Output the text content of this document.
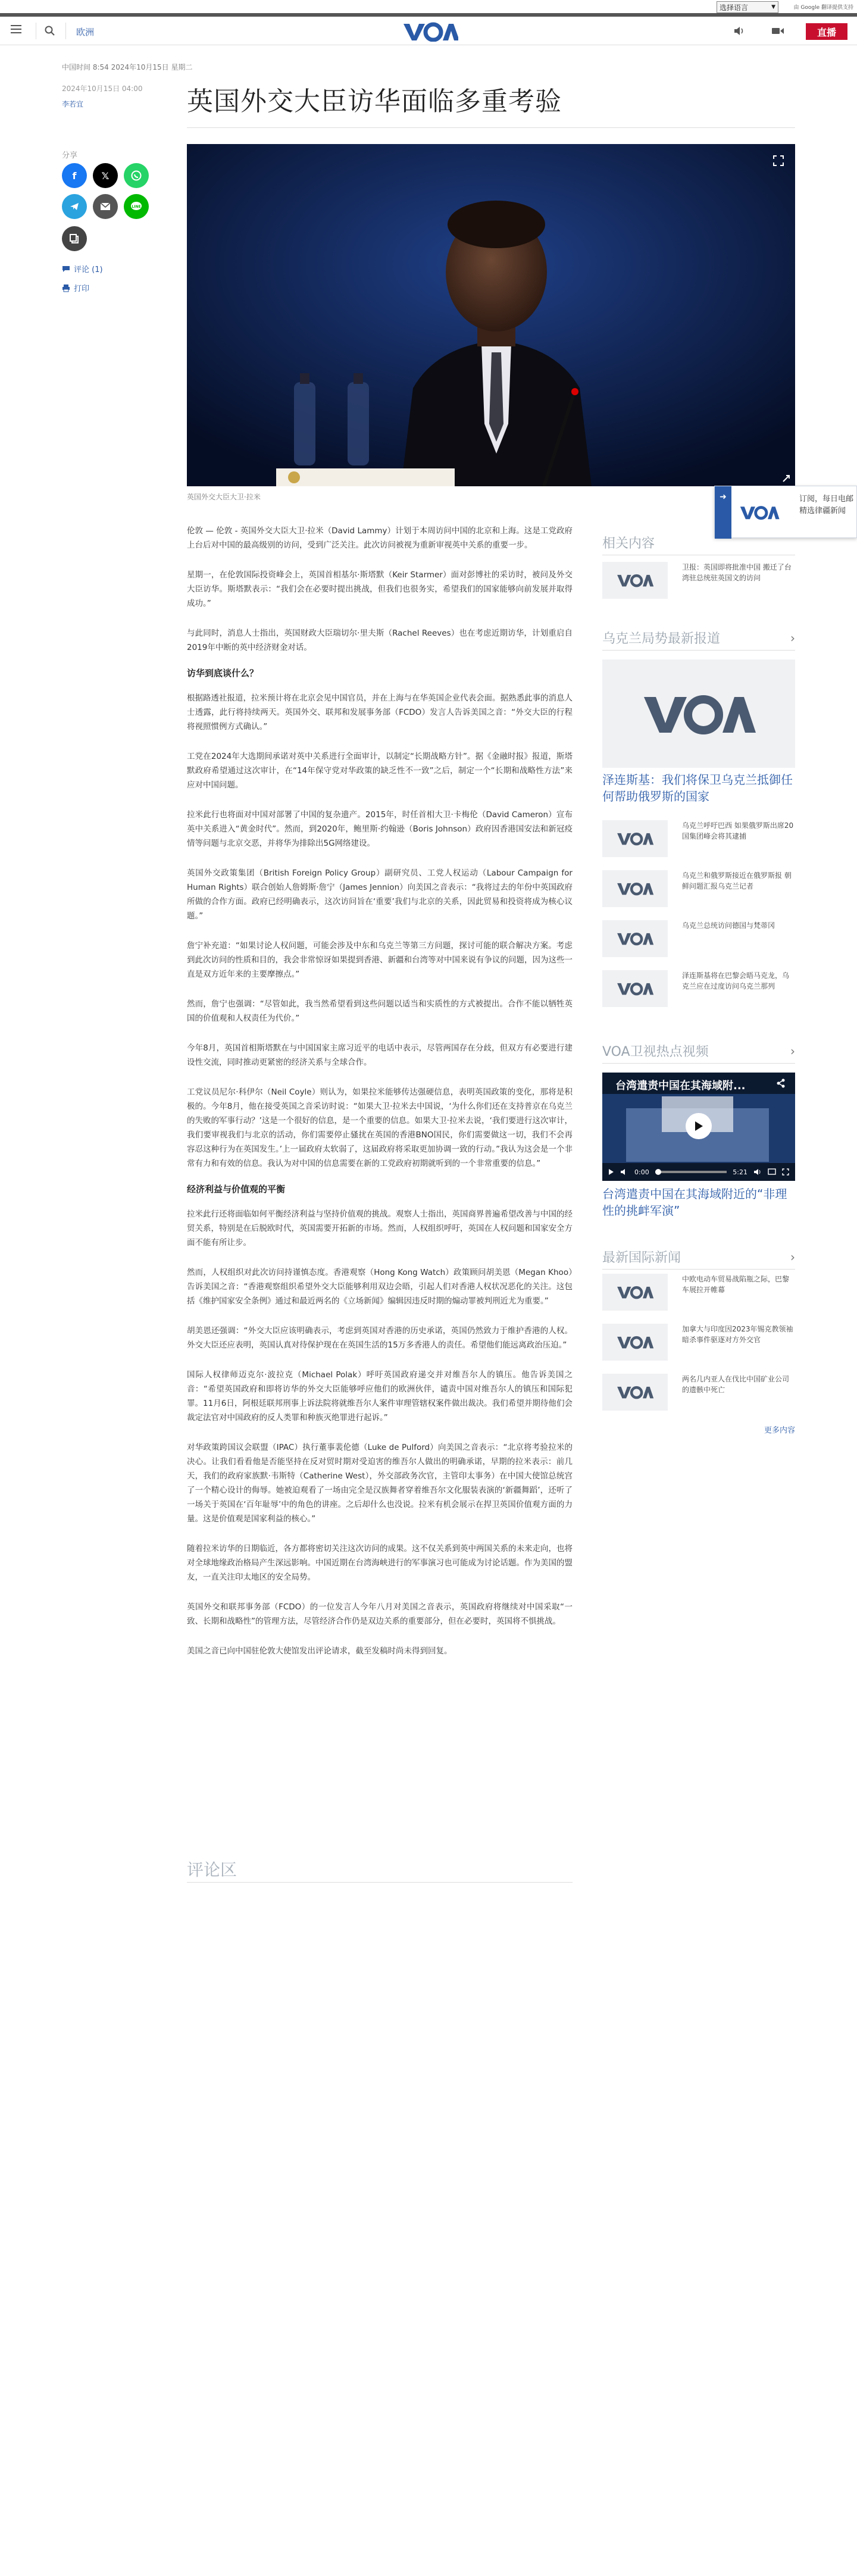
选择语言	▼	由 Google 翻译提供支持
欧洲	直播
中国时间 8:54 2024年10月15日 星期二
2024年10月15日 04:00
李若宜	英国外交大臣访华面临多重考验
分享
f	𝕏
LINE
评论 (1)
打印
英国外交大臣大卫·拉米

伦敦 — 伦敦 - 英国外交大臣大卫·拉米（David Lammy）计划于本周访问中国的北京和上海。这是工党政府上台后对中国的最高级别的访问，受到广泛关注。此次访问被视为重新审视英中关系的重要一步。

星期一，在伦敦国际投资峰会上，英国首相基尔·斯塔默（Keir Starmer）面对彭博社的采访时，被问及外交大臣访华。斯塔默表示：“我们会在必要时提出挑战，但我们也很务实，希望我们的国家能够向前发展并取得成功。”

与此同时，消息人士指出，英国财政大臣瑞切尔·里夫斯（Rachel Reeves）也在考虑近期访华，计划重启自2019年中断的英中经济财金对话。

访华到底谈什么？

根据路透社报道，拉米预计将在北京会见中国官员，并在上海与在华英国企业代表会面。据熟悉此事的消息人士透露，此行将持续两天。英国外交、联邦和发展事务部（FCDO）发言人告诉美国之音：“外交大臣的行程将视照惯例方式确认。”

工党在2024年大选期间承诺对英中关系进行全面审计，以制定“长期战略方针”。据《金融时报》报道，斯塔默政府希望通过这次审计，在“14年保守党对华政策的缺乏性不一致”之后，制定一个“长期和战略性方法”来应对中国问题。

拉米此行也将面对中国对部署了中国的复杂遗产。2015年，时任首相大卫·卡梅伦（David Cameron）宣布英中关系进入“黄金时代”。然而，到2020年，鲍里斯·约翰逊（Boris Johnson）政府因香港国安法和新冠疫情等问题与北京交恶，并将华为排除出5G网络建设。

英国外交政策集团（British Foreign Policy Group）副研究员、工党人权运动（Labour Campaign for Human Rights）联合创始人詹姆斯·詹宁（James Jennion）向美国之音表示：“我将过去的年份中英国政府所做的合作方面。政府已经明确表示，这次访问旨在‘重要’我们与北京的关系，因此贸易和投资将成为核心议题。”

詹宁补充道：“如果讨论人权问题，可能会涉及中东和乌克兰等第三方问题，探讨可能的联合解决方案。考虑到此次访问的性质和目的，我会非常惊讶如果提到香港、新疆和台湾等对中国来说有争议的问题，因为这些一直是双方近年来的主要摩擦点。”

然而，詹宁也强调：“尽管如此，我当然希望看到这些问题以适当和实质性的方式被提出。合作不能以牺牲英国的价值观和人权责任为代价。”

今年8月，英国首相斯塔默在与中国国家主席习近平的电话中表示，尽管两国存在分歧，但双方有必要进行建设性交流，同时推动更紧密的经济关系与全球合作。

工党议员尼尔·科伊尔（Neil Coyle）则认为，如果拉米能够传达强硬信息，表明英国政策的变化，那将是积极的。今年8月，他在接受英国之音采访时说：“如果大卫·拉米去中国说，‘为什么你们还在支持普京在乌克兰的失败的军事行动？’这是一个很好的信息，是一个重要的信息。如果大卫·拉米去说，‘我们要进行这次审计，我们要审视我们与北京的活动，你们需要停止骚扰在英国的香港BNO国民，你们需要做这一切，我们不会再容忍这种行为在英国发生。’上一届政府太软弱了，这届政府将采取更加协调一致的行动。”我认为这会是一个非常有力和有效的信息。我认为对中国的信息需要在新的工党政府初期就听到的一个非常重要的信息。”

经济利益与价值观的平衡

拉米此行还将面临如何平衡经济利益与坚持价值观的挑战。观察人士指出，英国商界普遍希望改善与中国的经贸关系，特别是在后脱欧时代，英国需要开拓新的市场。然而，人权组织呼吁，英国在人权问题和国家安全方面不能有所让步。

然而，人权组织对此次访问持谨慎态度。香港观察（Hong Kong Watch）政策顾问胡美恩（Megan Khoo）告诉美国之音：“香港观察组织希望外交大臣能够利用双边会晤，引起人们对香港人权状况恶化的关注。这包括《维护国家安全条例》通过和最近两名的《立场新闻》编辑因违反时期的煽动罪被判刑近尤为重要。”

胡美恩还强调：“外交大臣应该明确表示，考虑到英国对香港的历史承诺，英国仍然致力于维护香港的人权。外交大臣还应表明，英国认真对待保护现在在英国生活的15万多香港人的责任。希望他们能远离政治压迫。”

国际人权律师迈克尔·波拉克（Michael Polak）呼吁英国政府递交并对维吾尔人的镇压。他告诉美国之音：“希望英国政府和即将访华的外交大臣能够呼应他们的欧洲伙伴，谴责中国对维吾尔人的镇压和国际犯罪。11月6日，阿根廷联邦刑事上诉法院将就维吾尔人案件审理管辖权案件做出裁决。我们希望并期待他们会裁定法官对中国政府的反人类罪和种族灭绝罪进行起诉。”

对华政策跨国议会联盟（IPAC）执行董事裴伦德（Luke de Pulford）向美国之音表示：“北京将考验拉米的决心。让我们看看他是否能坚持在反对贸时期对受迫害的维吾尔人做出的明确承诺，早期的拉米表示：前几天，我们的政府家族默·韦斯特（Catherine West），外交部政务次官，主管印太事务）在中国大使馆总统宫了一个精心设计的侮辱。她被迫观看了一场由完全是汉族舞者穿着维吾尔文化服装表演的‘新疆舞蹈’，还听了一场关于英国在‘百年耻辱’中的角色的讲座。之后却什么也没说。拉米有机会展示在捍卫英国价值观方面的力量。这是价值观是国家利益的核心。”

随着拉米访华的日期临近，各方都将密切关注这次访问的成果。这不仅关系到英中两国关系的未来走向，也将对全球地缘政治格局产生深远影响。中国近期在台湾海峡进行的军事演习也可能成为讨论话题。作为美国的盟友，一直关注印太地区的安全局势。

英国外交和联邦事务部（FCDO）的一位发言人今年八月对美国之音表示，英国政府将继续对中国采取“一致、长期和战略性”的管理方法，尽管经济合作仍是双边关系的重要部分，但在必要时，英国将不惧挑战。

美国之音已向中国驻伦敦大使馆发出评论请求，截至发稿时尚未得到回复。

评论区
➜	订阅，每日电邮精选律疆新闻
相关内容
卫报：英国即将批准中国 搬迁了台湾驻总统驻英国文的访问
乌克兰局势最新报道	›
泽连斯基：我们将保卫乌克兰抵御任何帮助俄罗斯的国家
乌克兰呼吁巴西 如果俄罗斯出席20国集团峰会将其逮捕
乌克兰和俄罗斯接近在俄罗斯报 朝鲜问题汇报乌克兰记者
乌克兰总统访问德国与梵蒂冈
泽连斯基将在巴黎会晤马克龙，乌克兰应在过度访问乌克兰那列
VOA卫视热点视频	›
台湾遣责中国在其海域附...
0:00	5:21
台湾遣责中国在其海域附近的“非理性的挑衅军演”
最新国际新闻	›
中欧电动车贸易战陷瓶之际，巴黎车展拉开帷幕
加拿大与印度因2023年锡克教领袖暗杀事件驱逐对方外交官
两名几内亚人在伐比中国矿业公司的遗骸中死亡
更多内容
